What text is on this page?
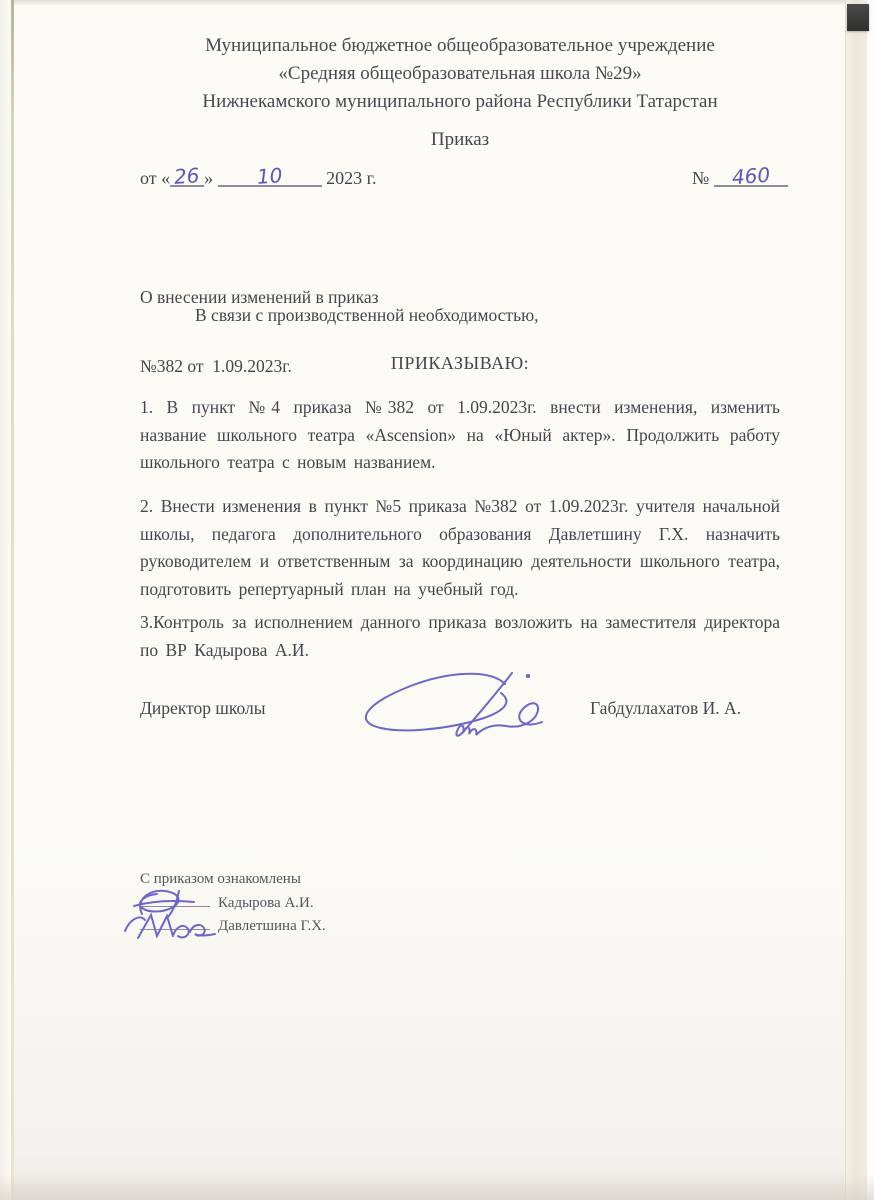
Муниципальное бюджетное общеобразовательное учреждение
«Средняя общеобразовательная школа №29»
Нижнекамского муниципального района Республики Татарстан
Приказ
от « 26 » 10 2023 г.	№ 460

О внесении изменений в приказ

№382 от  1.09.2023г.

В связи с производственной необходимостью,
ПРИКАЗЫВАЮ:

1. В пункт №4 приказа №382 от 1.09.2023г. внести изменения, изменить название школьного театра «Ascension» на «Юный актер». Продолжить работу школьного театра с новым названием.

2. Внести изменения в пункт №5 приказа №382 от 1.09.2023г. учителя начальной школы, педагога дополнительного образования Давлетшину Г.Х. назначить руководителем и ответственным за координацию деятельности школьного театра, подготовить репертуарный план на учебный год.

3.Контроль за исполнением данного приказа возложить на заместителя директора по ВР Кадырова А.И.

Директор школы	Габдуллахатов И. А.
С приказом ознакомлены
Кадырова А.И.
Давлетшина Г.Х.
